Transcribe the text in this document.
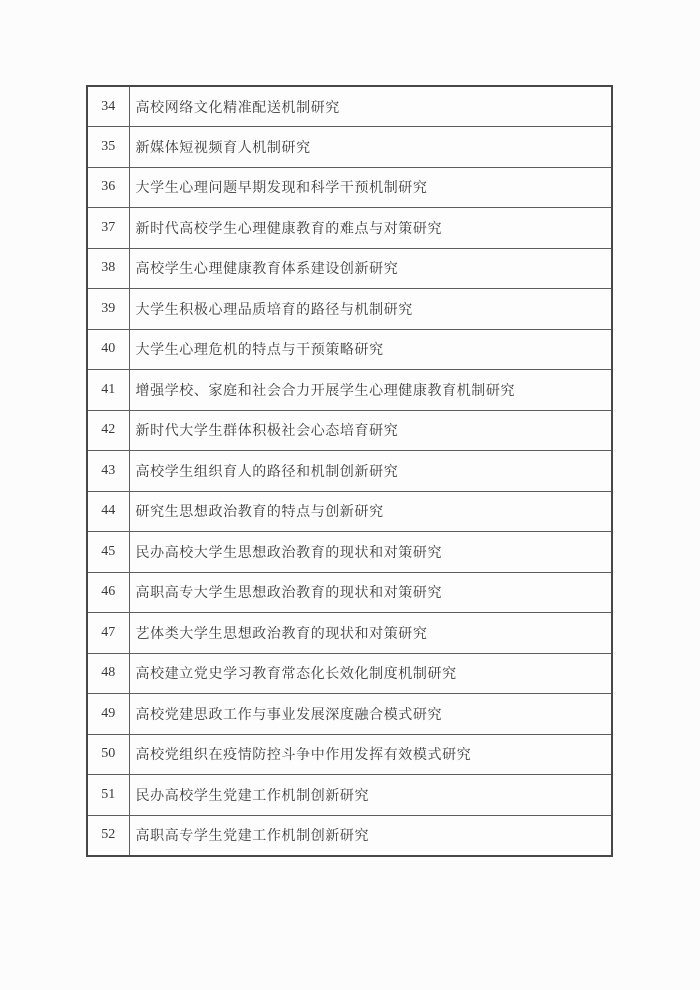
34	高校网络文化精准配送机制研究
35	新媒体短视频育人机制研究
36	大学生心理问题早期发现和科学干预机制研究
37	新时代高校学生心理健康教育的难点与对策研究
38	高校学生心理健康教育体系建设创新研究
39	大学生积极心理品质培育的路径与机制研究
40	大学生心理危机的特点与干预策略研究
41	增强学校、家庭和社会合力开展学生心理健康教育机制研究
42	新时代大学生群体积极社会心态培育研究
43	高校学生组织育人的路径和机制创新研究
44	研究生思想政治教育的特点与创新研究
45	民办高校大学生思想政治教育的现状和对策研究
46	高职高专大学生思想政治教育的现状和对策研究
47	艺体类大学生思想政治教育的现状和对策研究
48	高校建立党史学习教育常态化长效化制度机制研究
49	高校党建思政工作与事业发展深度融合模式研究
50	高校党组织在疫情防控斗争中作用发挥有效模式研究
51	民办高校学生党建工作机制创新研究
52	高职高专学生党建工作机制创新研究
